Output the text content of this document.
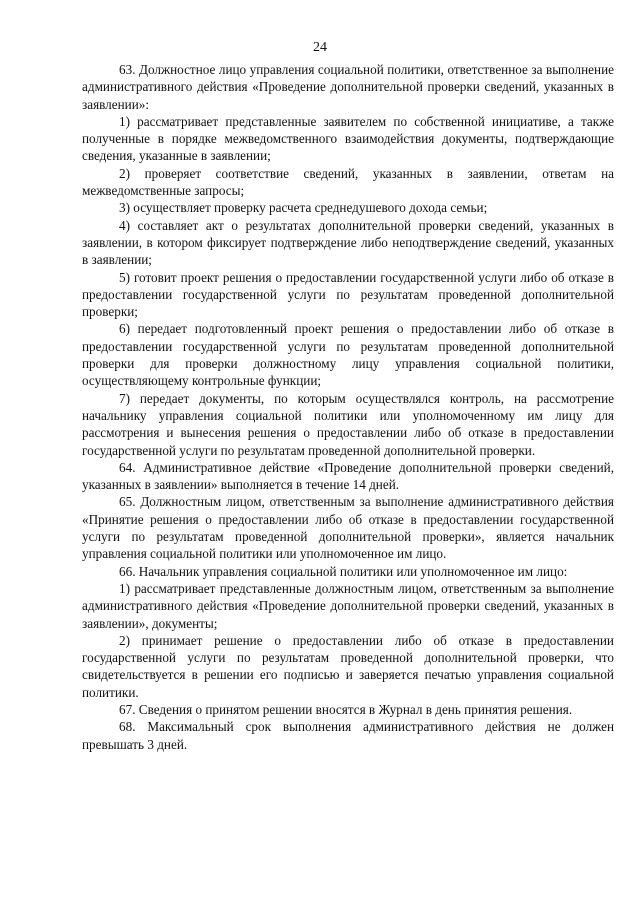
24

63. Должностное лицо управления социальной политики, ответственное за выполнение административного действия «Проведение дополнительной проверки сведений, указанных в заявлении»:

1) рассматривает представленные заявителем по собственной инициативе, а также полученные в порядке межведомственного взаимодействия документы, подтверждающие сведения, указанные в заявлении;

2) проверяет соответствие сведений, указанных в заявлении, ответам на межведомственные запросы;

3) осуществляет проверку расчета среднедушевого дохода семьи;

4) составляет акт о результатах дополнительной проверки сведений, указанных в заявлении, в котором фиксирует подтверждение либо неподтверждение сведений, указанных в заявлении;

5) готовит проект решения о предоставлении государственной услуги либо об отказе в предоставлении государственной услуги по результатам проведенной дополнительной проверки;

6) передает подготовленный проект решения о предоставлении либо об отказе в предоставлении государственной услуги по результатам проведенной дополнительной проверки для проверки должностному лицу управления социальной политики, осуществляющему контрольные функции;

7) передает документы, по которым осуществлялся контроль, на рассмотрение начальнику управления социальной политики или уполномоченному им лицу для рассмотрения и вынесения решения о предоставлении либо об отказе в предоставлении государственной услуги по результатам проведенной дополнительной проверки.

64. Административное действие «Проведение дополнительной проверки сведений, указанных в заявлении» выполняется в течение 14 дней.

65. Должностным лицом, ответственным за выполнение административного действия «Принятие решения о предоставлении либо об отказе в предоставлении государственной услуги по результатам проведенной дополнительной проверки», является начальник управления социальной политики или уполномоченное им лицо.

66. Начальник управления социальной политики или уполномоченное им лицо:

1) рассматривает представленные должностным лицом, ответственным за выполнение административного действия «Проведение дополнительной проверки сведений, указанных в заявлении», документы;

2) принимает решение о предоставлении либо об отказе в предоставлении государственной услуги по результатам проведенной дополнительной проверки, что свидетельствуется в решении его подписью и заверяется печатью управления социальной политики.

67. Сведения о принятом решении вносятся в Журнал в день принятия решения.

68. Максимальный срок выполнения административного действия не должен превышать 3 дней.
